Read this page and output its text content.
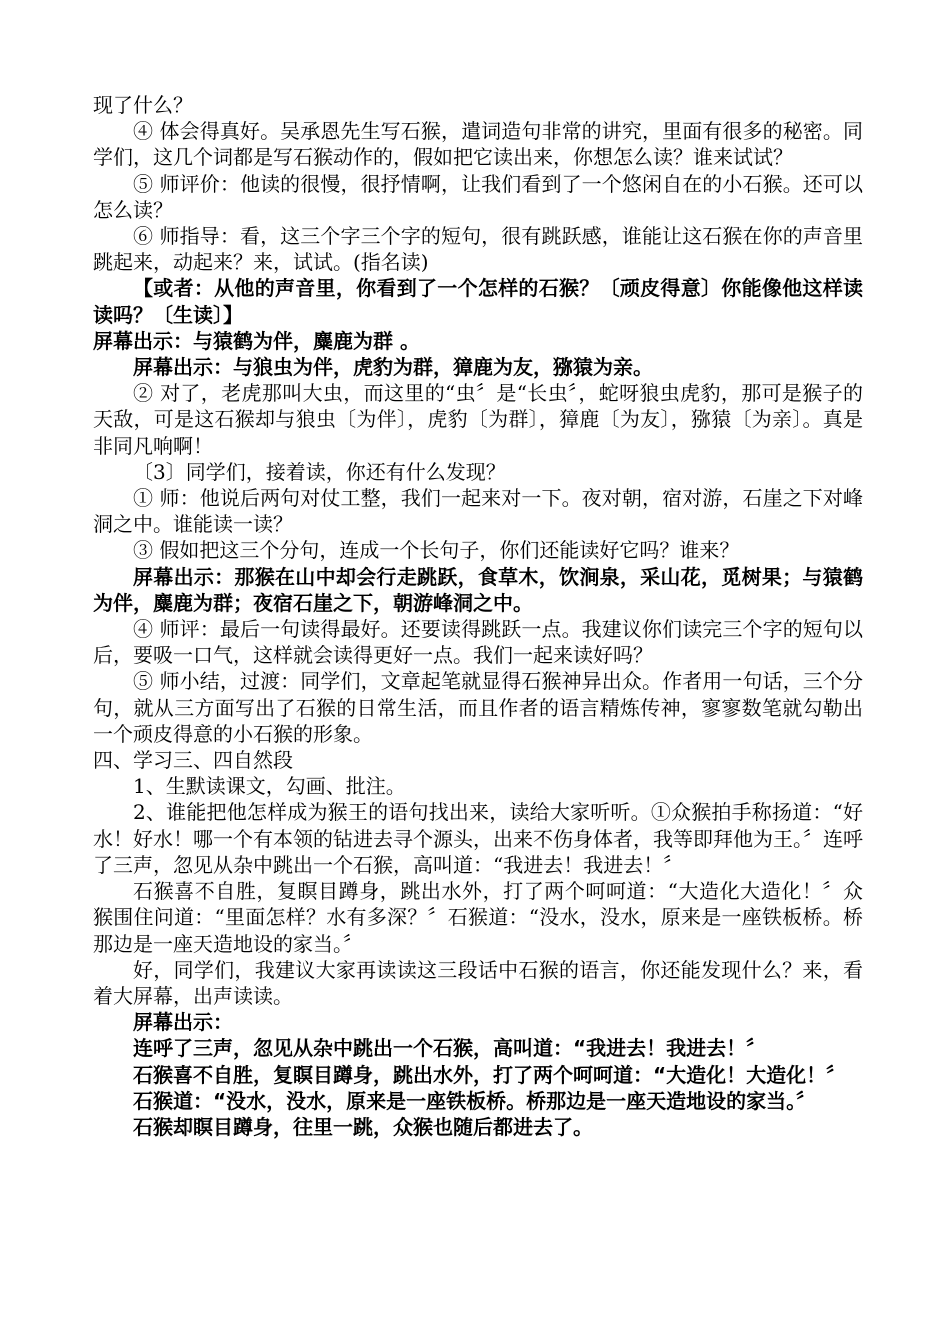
现了什么？

④ 体会得真好。吴承恩先生写石猴，遣词造句非常的讲究，里面有很多的秘密。同学们，这几个词都是写石猴动作的，假如把它读出来，你想怎么读？谁来试试？

⑤ 师评价：他读的很慢，很抒情啊，让我们看到了一个悠闲自在的小石猴。还可以怎么读？

⑥ 师指导：看，这三个字三个字的短句，很有跳跃感，谁能让这石猴在你的声音里跳起来，动起来？来，试试。(指名读)

【或者：从他的声音里，你看到了一个怎样的石猴？〔顽皮得意〕你能像他这样读读吗？〔生读〕】

屏幕出示：与猿鹤为伴，麋鹿为群 。

屏幕出示：与狼虫为伴，虎豹为群，獐鹿为友，猕猿为亲。

② 对了，老虎那叫大虫，而这里的“虫〞是“长虫〞，蛇呀狼虫虎豹，那可是猴子的天敌，可是这石猴却与狼虫〔为伴〕，虎豹〔为群〕，獐鹿〔为友〕，猕猿〔为亲〕。真是非同凡响啊！

〔3〕同学们，接着读，你还有什么发现？

① 师：他说后两句对仗工整，我们一起来对一下。夜对朝，宿对游，石崖之下对峰洞之中。谁能读一读？

③ 假如把这三个分句，连成一个长句子，你们还能读好它吗？谁来？

屏幕出示：那猴在山中却会行走跳跃，食草木，饮涧泉，采山花，觅树果；与猿鹤为伴，麋鹿为群；夜宿石崖之下，朝游峰洞之中。

④ 师评：最后一句读得最好。还要读得跳跃一点。我建议你们读完三个字的短句以后，要吸一口气，这样就会读得更好一点。我们一起来读好吗？

⑤ 师小结，过渡：同学们，文章起笔就显得石猴神异出众。作者用一句话，三个分句，就从三方面写出了石猴的日常生活，而且作者的语言精炼传神，寥寥数笔就勾勒出一个顽皮得意的小石猴的形象。

四、学习三、四自然段

1、生默读课文，勾画、批注。

2、谁能把他怎样成为猴王的语句找出来，读给大家听听。①众猴拍手称扬道：“好水！好水！哪一个有本领的钻进去寻个源头，出来不伤身体者，我等即拜他为王。〞连呼了三声，忽见从杂中跳出一个石猴，高叫道：“我进去！我进去！〞

石猴喜不自胜，复瞑目蹲身，跳出水外，打了两个呵呵道：“大造化大造化！〞众猴围住问道：“里面怎样？水有多深？〞石猴道：“没水，没水，原来是一座铁板桥。桥那边是一座天造地设的家当。〞

好，同学们，我建议大家再读读这三段话中石猴的语言，你还能发现什么？来，看着大屏幕，出声读读。

屏幕出示：

连呼了三声，忽见从杂中跳出一个石猴，高叫道：“我进去！我进去！〞

石猴喜不自胜，复瞑目蹲身，跳出水外，打了两个呵呵道：“大造化！大造化！〞

石猴道：“没水，没水，原来是一座铁板桥。桥那边是一座天造地设的家当。〞

石猴却瞑目蹲身，往里一跳，众猴也随后都进去了。
